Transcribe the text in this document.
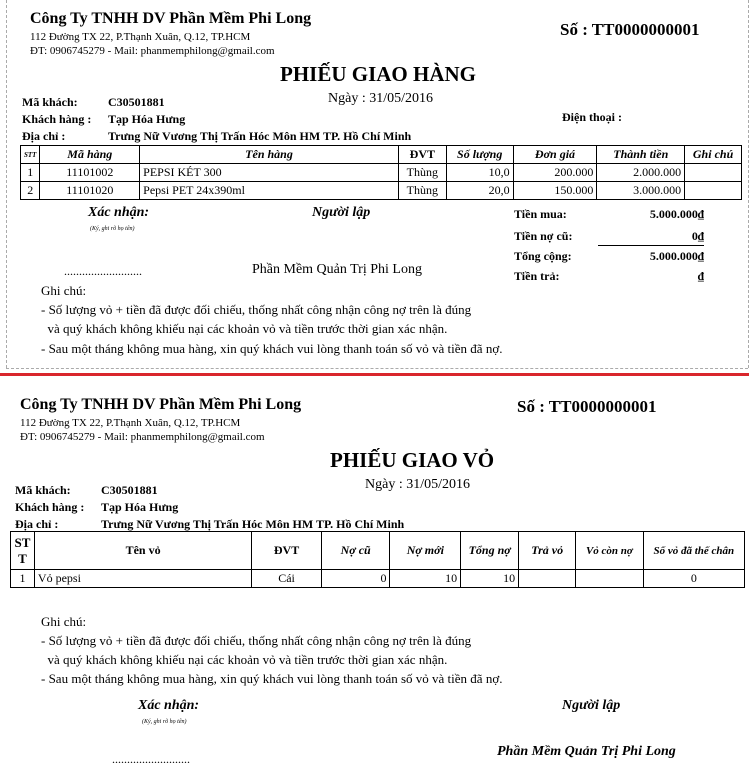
Công Ty TNHH DV Phần Mềm Phi Long
112 Đường TX 22, P.Thạnh Xuân, Q.12, TP.HCM
ĐT: 0906745279 - Mail: phanmemphilong@gmail.com
Số : TT0000000001
PHIẾU GIAO HÀNG
Ngày : 31/05/2016
Mã khách:	C30501881
Khách hàng : Tạp Hóa Hưng	Điện thoại :
Địa chỉ :	Trưng Nữ Vương Thị Trấn Hóc Môn HM TP. Hồ Chí Minh
STT	Mã hàng	Tên hàng	ĐVT	Số lượng	Đơn giá	Thành tiền	Ghi chú
1	11101002	PEPSI KÉT 300	Thùng	10,0	200.000	2.000.000	
2	11101020	Pepsi PET 24x390ml	Thùng	20,0	150.000	3.000.000	
Xác nhận:
(Ký, ghi rõ họ tên)
Người lập
..........................	Phần Mềm Quản Trị Phi Long
Tiền mua:	5.000.000₫
Tiền nợ cũ:	0₫
Tổng cộng:	5.000.000₫
Tiền trả:	₫
Ghi chú:
- Số lượng vỏ + tiền đã được đối chiếu, thống nhất công nhận công nợ trên là đúng
và quý khách không khiếu nại các khoản vỏ và tiền trước thời gian xác nhận.
- Sau một tháng không mua hàng, xin quý khách vui lòng thanh toán số vỏ và tiền đã nợ.
Công Ty TNHH DV Phần Mềm Phi Long
112 Đường TX 22, P.Thạnh Xuân, Q.12, TP.HCM
ĐT: 0906745279 - Mail: phanmemphilong@gmail.com
Số : TT0000000001
PHIẾU GIAO VỎ
Ngày : 31/05/2016
Mã khách:	C30501881
Khách hàng : Tạp Hóa Hưng
Địa chỉ :	Trưng Nữ Vương Thị Trấn Hóc Môn HM TP. Hồ Chí Minh
ST T	Tên vỏ	ĐVT	Nợ cũ	Nợ mới	Tổng nợ	Trả vỏ	Vỏ còn nợ	Số vỏ đã thế chân
1	Vỏ pepsi	Cái	0	10	10			0
Ghi chú:
- Số lượng vỏ + tiền đã được đối chiếu, thống nhất công nhận công nợ trên là đúng
và quý khách không khiếu nại các khoản vỏ và tiền trước thời gian xác nhận.
- Sau một tháng không mua hàng, xin quý khách vui lòng thanh toán số vỏ và tiền đã nợ.
Xác nhận:
(Ký, ghi rõ họ tên)
Người lập
..........................	Phần Mềm Quản Trị Phi Long
